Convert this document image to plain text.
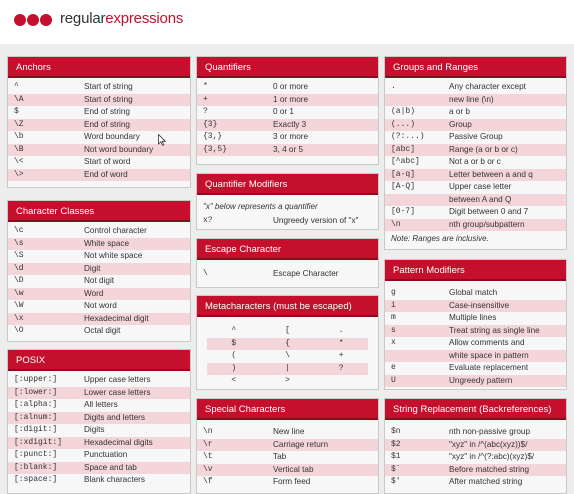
regularexpressions
Anchors
^	Start of string
\A	Start of string
$	End of string
\Z	End of string
\b	Word boundary
\B	Not word boundary
\<	Start of word
\>	End of word
Character Classes
\c	Control character
\s	White space
\S	Not white space
\d	Digit
\D	Not digit
\w	Word
\W	Not word
\x	Hexadecimal digit
\O	Octal digit
POSIX
[:upper:]	Upper case letters
[:lower:]	Lower case letters
[:alpha:]	All letters
[:alnum:]	Digits and letters
[:digit:]	Digits
[:xdigit:]	Hexadecimal digits
[:punct:]	Punctuation
[:blank:]	Space and tab
[:space:]	Blank characters
Quantifiers
*	0 or more
+	1 or more
?	0 or 1
{3}	Exactly 3
{3,}	3 or more
{3,5}	3, 4 or 5
Quantifier Modifiers
"x" below represents a quantifier
x?	Ungreedy version of "x"
Escape Character
\	Escape Character
Metacharacters (must be escaped)
^	[	.
$	{	*
(	\	+
)	|	?
<	>
Special Characters
\n	New line
\r	Carriage return
\t	Tab
\v	Vertical tab
\f	Form feed
Groups and Ranges
.	Any character except
new line (\n)
(a|b)	a or b
(...)	Group
(?:...)	Passive Group
[abc]	Range (a or b or c)
[^abc]	Not a or b or c
[a-q]	Letter between a and q
[A-Q]	Upper case letter
between A and Q
[0-7]	Digit between 0 and 7
\n	nth group/subpattern
Note: Ranges are inclusive.
Pattern Modifiers
g	Global match
i	Case-insensitive
m	Multiple lines
s	Treat string as single line
x	Allow comments and
white space in pattern
e	Evaluate replacement
U	Ungreedy pattern
String Replacement (Backreferences)
$n	nth non-passive group
$2	"xyz" in /^(abc(xyz))$/
$1	"xyz" in /^(?:abc)(xyz)$/
$`	Before matched string
$'	After matched string
